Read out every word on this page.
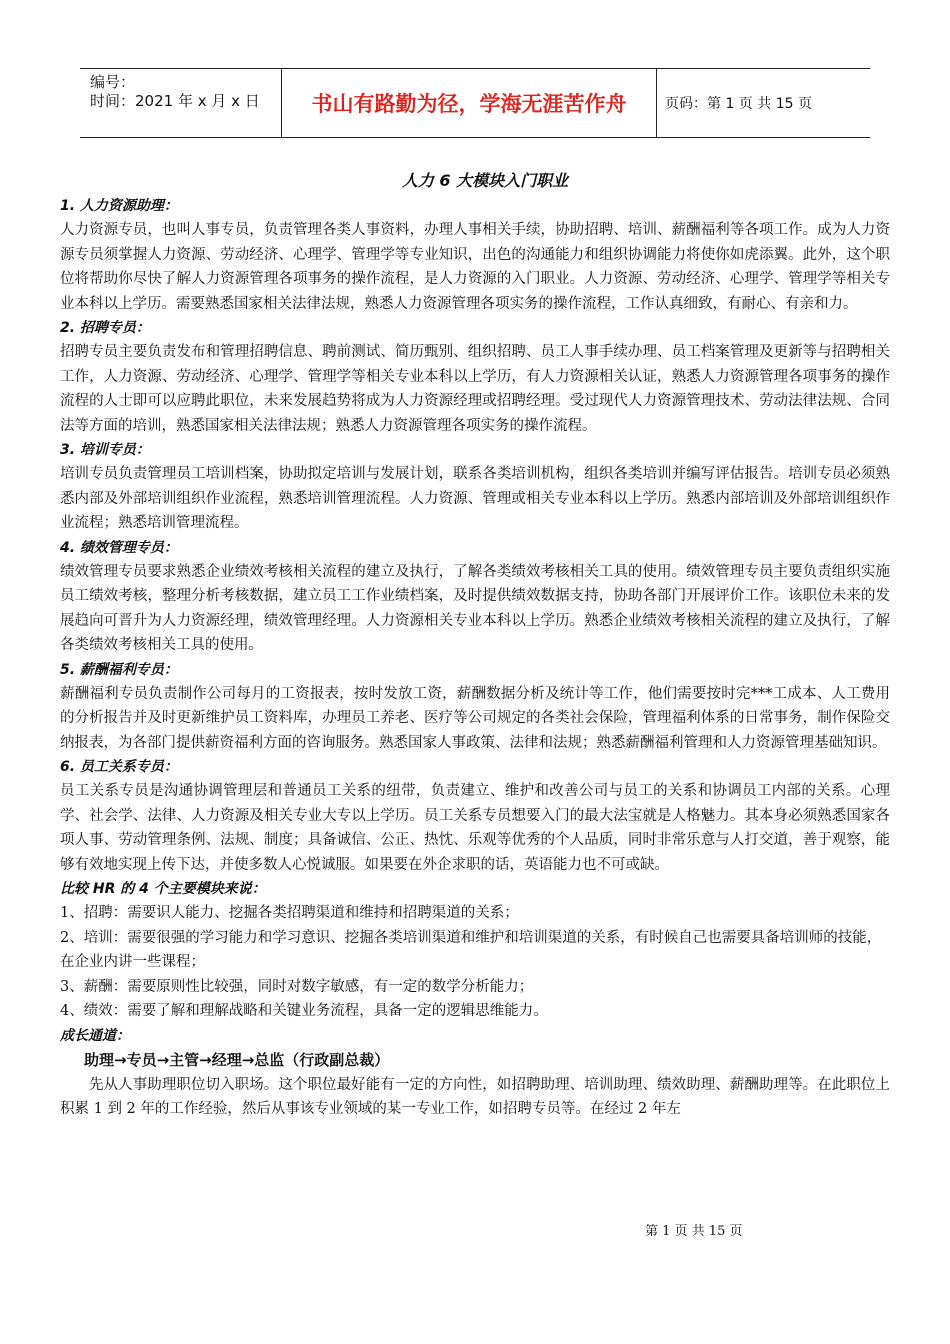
编号：
时间：2021 年 x 月 x 日	书山有路勤为径，学海无涯苦作舟	页码：第 1 页 共 15 页
人力 6 大模块入门职业
1. 人力资源助理：

人力资源专员，也叫人事专员，负责管理各类人事资料，办理人事相关手续，协助招聘、培训、薪酬福利等各项工作。成为人力资源专员须掌握人力资源、劳动经济、心理学、管理学等专业知识，出色的沟通能力和组织协调能力将使你如虎添翼。此外，这个职位将帮助你尽快了解人力资源管理各项事务的操作流程，是人力资源的入门职业。人力资源、劳动经济、心理学、管理学等相关专业本科以上学历。需要熟悉国家相关法律法规，熟悉人力资源管理各项实务的操作流程，工作认真细致，有耐心、有亲和力。

2. 招聘专员：

招聘专员主要负责发布和管理招聘信息、聘前测试、简历甄别、组织招聘、员工人事手续办理、员工档案管理及更新等与招聘相关工作，人力资源、劳动经济、心理学、管理学等相关专业本科以上学历，有人力资源相关认证，熟悉人力资源管理各项事务的操作流程的人士即可以应聘此职位，未来发展趋势将成为人力资源经理或招聘经理。受过现代人力资源管理技术、劳动法律法规、合同法等方面的培训，熟悉国家相关法律法规；熟悉人力资源管理各项实务的操作流程。

3. 培训专员：

培训专员负责管理员工培训档案，协助拟定培训与发展计划，联系各类培训机构，组织各类培训并编写评估报告。培训专员必须熟悉内部及外部培训组织作业流程，熟悉培训管理流程。人力资源、管理或相关专业本科以上学历。熟悉内部培训及外部培训组织作业流程；熟悉培训管理流程。

4. 绩效管理专员：

绩效管理专员要求熟悉企业绩效考核相关流程的建立及执行，了解各类绩效考核相关工具的使用。绩效管理专员主要负责组织实施员工绩效考核，整理分析考核数据，建立员工工作业绩档案，及时提供绩效数据支持，协助各部门开展评价工作。该职位未来的发展趋向可晋升为人力资源经理，绩效管理经理。人力资源相关专业本科以上学历。熟悉企业绩效考核相关流程的建立及执行，了解各类绩效考核相关工具的使用。

5. 薪酬福利专员：

薪酬福利专员负责制作公司每月的工资报表，按时发放工资，薪酬数据分析及统计等工作，他们需要按时完***工成本、人工费用的分析报告并及时更新维护员工资料库，办理员工养老、医疗等公司规定的各类社会保险，管理福利体系的日常事务，制作保险交纳报表，为各部门提供薪资福利方面的咨询服务。熟悉国家人事政策、法律和法规；熟悉薪酬福利管理和人力资源管理基础知识。

6. 员工关系专员：

员工关系专员是沟通协调管理层和普通员工关系的纽带，负责建立、维护和改善公司与员工的关系和协调员工内部的关系。心理学、社会学、法律、人力资源及相关专业大专以上学历。员工关系专员想要入门的最大法宝就是人格魅力。其本身必须熟悉国家各项人事、劳动管理条例、法规、制度；具备诚信、公正、热忱、乐观等优秀的个人品质，同时非常乐意与人打交道，善于观察，能够有效地实现上传下达，并使多数人心悦诚服。如果要在外企求职的话，英语能力也不可或缺。

比较 HR 的 4 个主要模块来说：

1、招聘：需要识人能力、挖掘各类招聘渠道和维持和招聘渠道的关系；

2、培训：需要很强的学习能力和学习意识、挖掘各类培训渠道和维护和培训渠道的关系，有时候自己也需要具备培训师的技能，在企业内讲一些课程；

3、薪酬：需要原则性比较强，同时对数字敏感，有一定的数学分析能力；

4、绩效：需要了解和理解战略和关键业务流程，具备一定的逻辑思维能力。

成长通道：
助理→专员→主管→经理→总监（行政副总裁）

先从人事助理职位切入职场。这个职位最好能有一定的方向性，如招聘助理、培训助理、绩效助理、薪酬助理等。在此职位上积累 1 到 2 年的工作经验，然后从事该专业领域的某一专业工作，如招聘专员等。在经过 2 年左

第 1 页 共 15 页
